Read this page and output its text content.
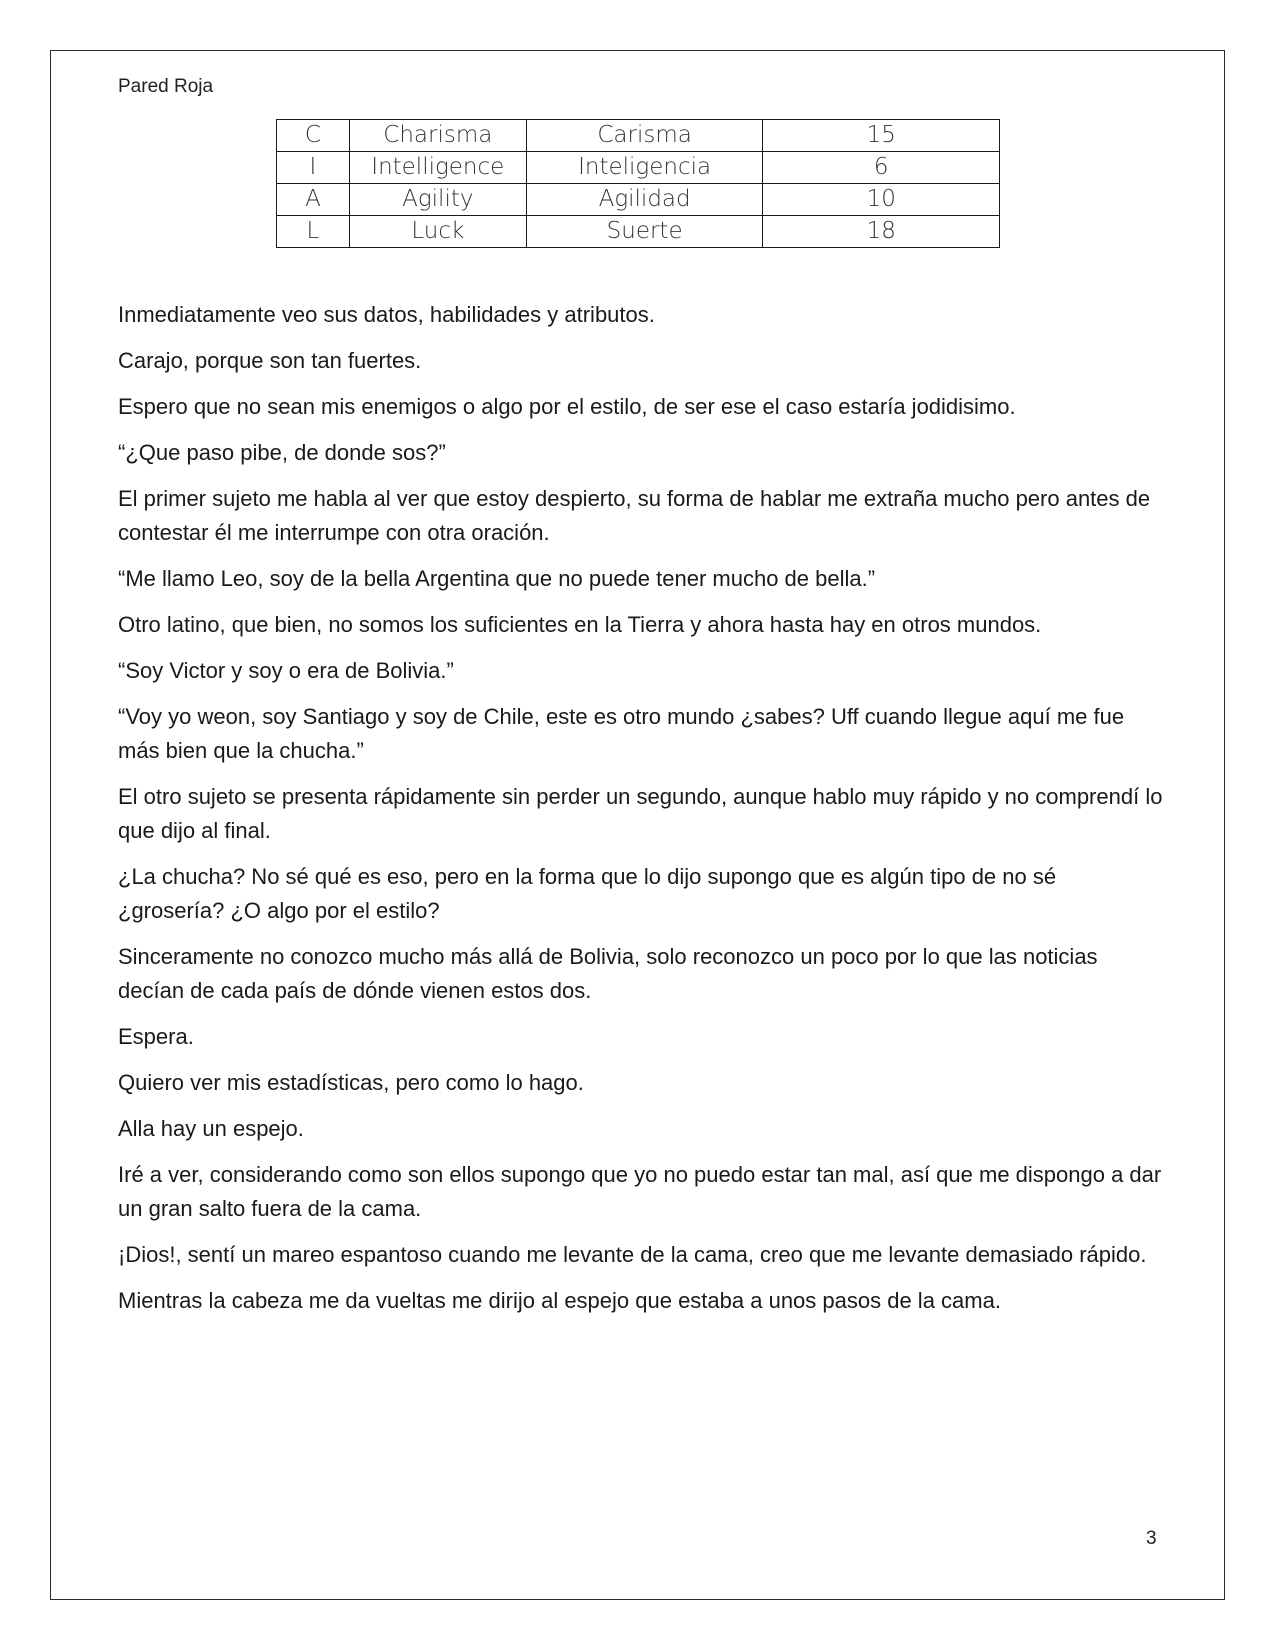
Pared Roja
C	Charisma	Carisma	15
I	Intelligence	Inteligencia	6
A	Agility	Agilidad	10
L	Luck	Suerte	18

Inmediatamente veo sus datos, habilidades y atributos.

Carajo, porque son tan fuertes.

Espero que no sean mis enemigos o algo por el estilo, de ser ese el caso estaría jodidisimo.

“¿Que paso pibe, de donde sos?”

El primer sujeto me habla al ver que estoy despierto, su forma de hablar me extraña mucho pero antes de contestar él me interrumpe con otra oración.

“Me llamo Leo, soy de la bella Argentina que no puede tener mucho de bella.”

Otro latino, que bien, no somos los suficientes en la Tierra y ahora hasta hay en otros mundos.

“Soy Victor y soy o era de Bolivia.”

“Voy yo weon, soy Santiago y soy de Chile, este es otro mundo ¿sabes? Uff cuando llegue aquí me fue más bien que la chucha.”

El otro sujeto se presenta rápidamente sin perder un segundo, aunque hablo muy rápido y no comprendí lo que dijo al final.

¿La chucha? No sé qué es eso, pero en la forma que lo dijo supongo que es algún tipo de no sé ¿grosería? ¿O algo por el estilo?

Sinceramente no conozco mucho más allá de Bolivia, solo reconozco un poco por lo que las noticias decían de cada país de dónde vienen estos dos.

Espera.

Quiero ver mis estadísticas, pero como lo hago.

Alla hay un espejo.

Iré a ver, considerando como son ellos supongo que yo no puedo estar tan mal, así que me dispongo a dar un gran salto fuera de la cama.

¡Dios!, sentí un mareo espantoso cuando me levante de la cama, creo que me levante demasiado rápido.

Mientras la cabeza me da vueltas me dirijo al espejo que estaba a unos pasos de la cama.

3
